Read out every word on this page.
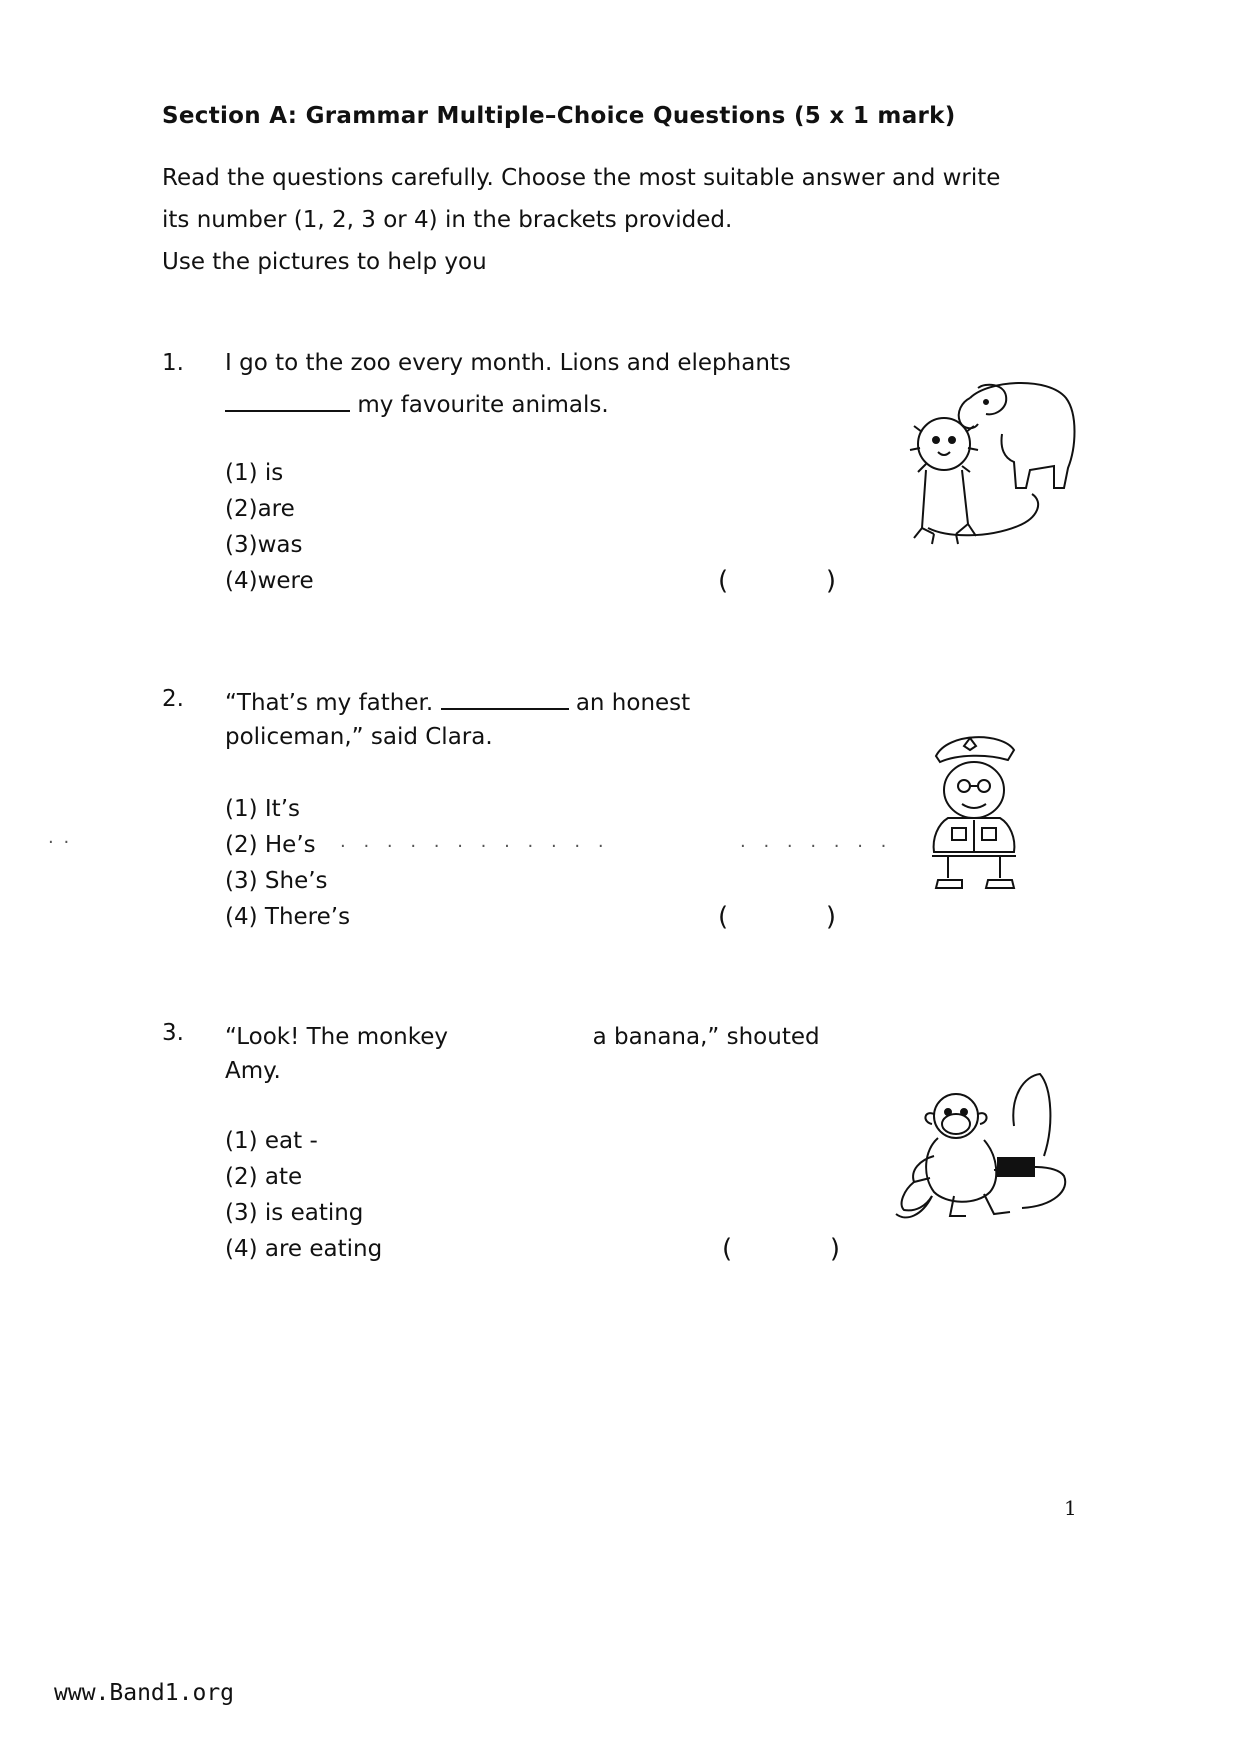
Section A: Grammar Multiple–Choice Questions (5 x 1 mark)
Read the questions carefully. Choose the most suitable answer and write
its number (1, 2, 3 or 4) in the brackets provided.
Use the pictures to help you
1. I go to the zoo every month. Lions and elephants
my favourite animals.
(1) is
(2)are
(3)was
(4)were	(	)
2. “That’s my father.	an honest
policeman,” said Clara.
(1) It’s
(2) He’s
(3) She’s
(4) There’s	(	)
3. “Look! The monkey	a banana,” shouted
Amy.
(1) eat -
(2) ate
(3) is eating
(4) are eating	(	)
· ·	· · · · · · · · · · · ·	· · · · · · ·
1
www.Band1.org
